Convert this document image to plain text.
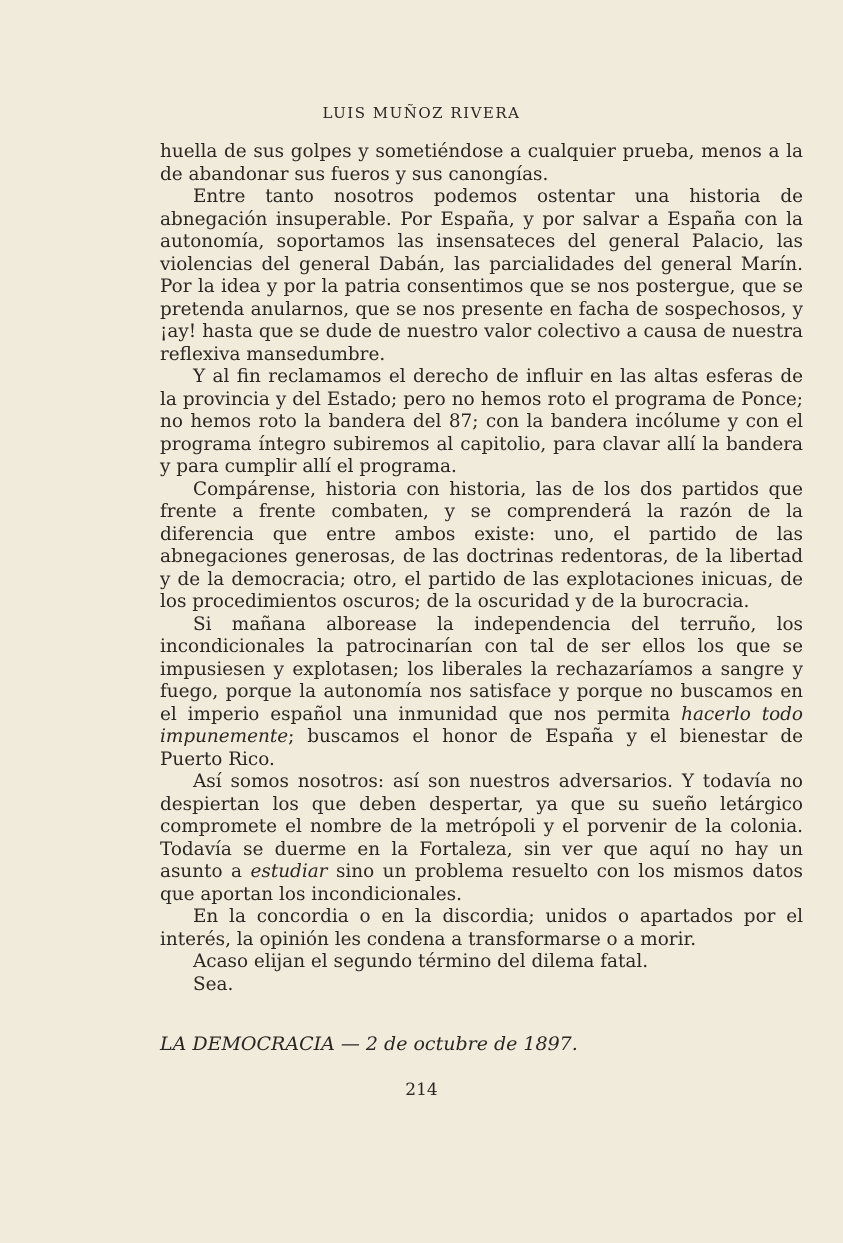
LUIS MUÑOZ RIVERA

huella de sus golpes y sometiéndose a cualquier prueba, menos a la de abandonar sus fueros y sus canongías.

Entre tanto nosotros podemos ostentar una historia de abnegación insuperable. Por España, y por salvar a España con la autonomía, soportamos las insensateces del general Palacio, las violencias del general Dabán, las parcialidades del general Marín. Por la idea y por la patria consentimos que se nos postergue, que se pretenda anularnos, que se nos presente en facha de sospechosos, y ¡ay! hasta que se dude de nuestro valor colectivo a causa de nuestra reflexiva mansedumbre.

Y al fin reclamamos el derecho de influir en las altas esferas de la provincia y del Estado; pero no hemos roto el programa de Ponce; no hemos roto la bandera del 87; con la bandera incólume y con el programa íntegro subiremos al capitolio, para clavar allí la bandera y para cumplir allí el programa.

Compárense, historia con historia, las de los dos partidos que frente a frente combaten, y se comprenderá la razón de la diferencia que entre ambos existe: uno, el partido de las abnegaciones generosas, de las doctrinas redentoras, de la libertad y de la democracia; otro, el partido de las explotaciones inicuas, de los procedimientos oscuros; de la oscuridad y de la burocracia.

Si mañana alborease la independencia del terruño, los incondicionales la patrocinarían con tal de ser ellos los que se impusiesen y explotasen; los liberales la rechazaríamos a sangre y fuego, porque la autonomía nos satisface y porque no buscamos en el imperio español una inmunidad que nos permita hacerlo todo impunemente; buscamos el honor de España y el bienestar de Puerto Rico.

Así somos nosotros: así son nuestros adversarios. Y todavía no despiertan los que deben despertar, ya que su sueño letárgico compromete el nombre de la metrópoli y el porvenir de la colonia. Todavía se duerme en la Fortaleza, sin ver que aquí no hay un asunto a estudiar sino un problema resuelto con los mismos datos que aportan los incondicionales.

En la concordia o en la discordia; unidos o apartados por el interés, la opinión les condena a transformarse o a morir.

Acaso elijan el segundo término del dilema fatal.

Sea.

LA DEMOCRACIA — 2 de octubre de 1897.
214
